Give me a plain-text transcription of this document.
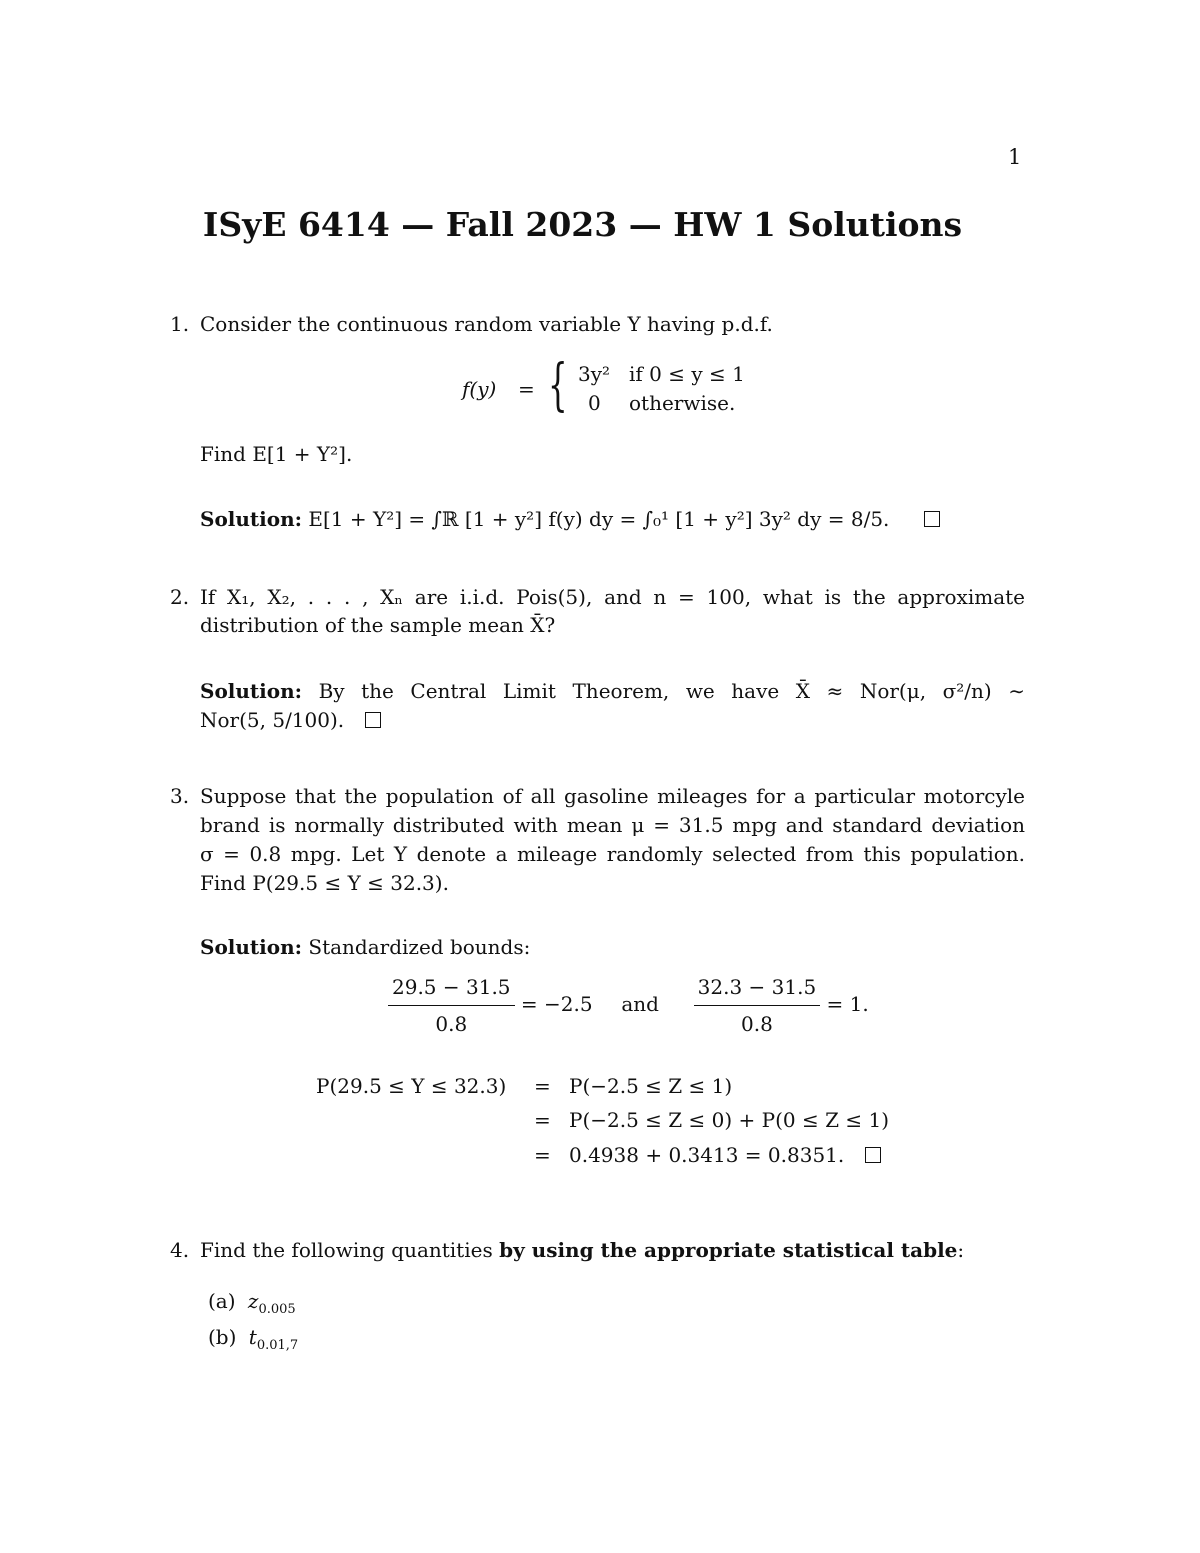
1
ISyE 6414 — Fall 2023 — HW 1 Solutions
1. Consider the continuous random variable Y having p.d.f.
f(y) = { 3y² if 0 ≤ y ≤ 1
0 otherwise.
Find E[1 + Y²].
Solution: E[1 + Y²] = ∫ℝ [1 + y²] f(y) dy = ∫₀¹ [1 + y²] 3y² dy = 8/5.
2. If X₁, X₂, . . . , Xₙ are i.i.d. Pois(5), and n = 100, what is the approximate
distribution of the sample mean X̄?
Solution: By the Central Limit Theorem, we have X̄ ≈ Nor(μ, σ²/n) ∼
Nor(5, 5/100).
3. Suppose that the population of all gasoline mileages for a particular motorcyle
brand is normally distributed with mean μ = 31.5 mpg and standard deviation
σ = 0.8 mpg. Let Y denote a mileage randomly selected from this population.
Find P(29.5 ≤ Y ≤ 32.3).
Solution: Standardized bounds:
$\frac{29.5 - 31.5}{0.8} = -2.5$ and $\frac{32.3 - 31.5}{0.8} = 1$.
P(29.5 ≤ Y ≤ 32.3) = P(−2.5 ≤ Z ≤ 1)
= P(−2.5 ≤ Z ≤ 0) + P(0 ≤ Z ≤ 1)
= 0.4938 + 0.3413 = 0.8351.
4. Find the following quantities by using the appropriate statistical table:
(a) $z_{0.005}$
(b) $t_{0.01,7}$
